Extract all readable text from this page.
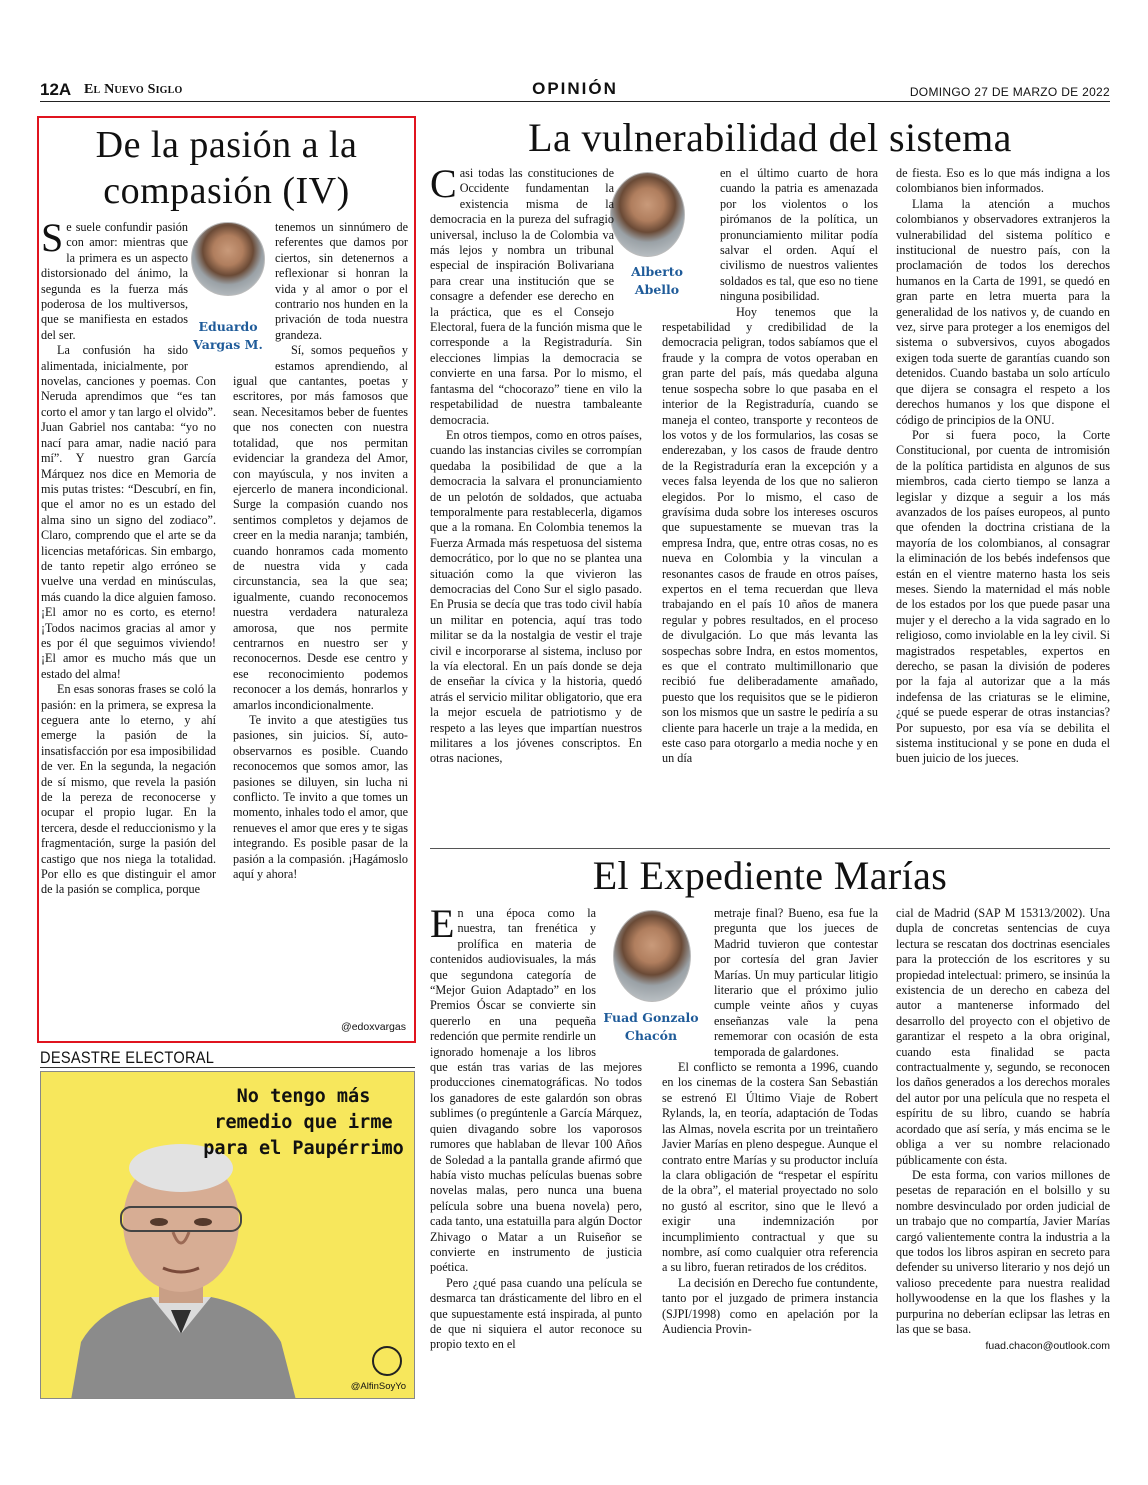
12A El Nuevo Siglo	OPINIÓN	DOMINGO 27 DE MARZO DE 2022
De la pasión a la compasión (IV)
Eduardo
Vargas M.

Se suele confundir pasión con amor: mientras que la primera es un aspecto distorsionado del ánimo, la segunda es la fuerza más poderosa de los multiversos, que se manifiesta en estados del ser.

La confusión ha sido alimentada, inicialmente, por novelas, canciones y poemas. Con Neruda aprendimos que “es tan corto el amor y tan largo el olvido”. Juan Gabriel nos cantaba: “yo no nací para amar, nadie nació para mí”. Y nuestro gran García Márquez nos dice en Memoria de mis putas tristes: “Descubrí, en fin, que el amor no es un estado del alma sino un signo del zodiaco”. Claro, comprendo que el arte se da licencias metafóricas. Sin embargo, de tanto repetir algo erróneo se vuelve una verdad en minúsculas, más cuando la dice alguien famoso. ¡El amor no es corto, es eterno! ¡Todos nacimos gracias al amor y es por él que seguimos viviendo! ¡El amor es mucho más que un estado del alma!

En esas sonoras frases se coló la pasión: en la primera, se expresa la ceguera ante lo eterno, y ahí emerge la pasión de la insatisfacción por esa imposibilidad de ver. En la segunda, la negación de sí mismo, que revela la pasión de la pereza de reconocerse y ocupar el propio lugar. En la tercera, desde el reduccionismo y la fragmentación, surge la pasión del castigo que nos niega la totalidad. Por ello es que distinguir el amor de la pasión se complica, porque

tenemos un sinnúmero de referentes que damos por ciertos, sin detenernos a reflexionar si honran la vida y al amor o por el contrario nos hunden en la privación de toda nuestra grandeza.

Sí, somos pequeños y estamos aprendiendo, al igual que cantantes, poetas y escritores, por más famosos que sean. Necesitamos beber de fuentes que nos conecten con nuestra totalidad, que nos permitan evidenciar la grandeza del Amor, con mayúscula, y nos inviten a ejercerlo de manera incondicional. Surge la compasión cuando nos sentimos completos y dejamos de creer en la media naranja; también, cuando honramos cada momento de nuestra vida y cada circunstancia, sea la que sea; igualmente, cuando reconocemos nuestra verdadera naturaleza amorosa, que nos permite centrarnos en nuestro ser y reconocernos. Desde ese centro y ese reconocimiento podemos reconocer a los demás, honrarlos y amarlos incondicionalmente.

Te invito a que atestigües tus pasiones, sin juicios. Sí, auto-observarnos es posible. Cuando reconocemos que somos amor, las pasiones se diluyen, sin lucha ni conflicto. Te invito a que tomes un momento, inhales todo el amor, que renueves el amor que eres y te sigas integrando. Es posible pasar de la pasión a la compasión. ¡Hagámoslo aquí y ahora!

@edoxvargas
DESASTRE ELECTORAL
No tengo más remedio que irme para el Paupérrimo
@AlfinSoyYo
La vulnerabilidad del sistema
Alberto
Abello

Casi todas las constituciones de Occidente fundamentan la existencia misma de la democracia en la pureza del sufragio universal, incluso la de Colombia va más lejos y nombra un tribunal especial de inspiración Bolivariana para crear una institución que se consagre a defender ese derecho en la práctica, que es el Consejo Electoral, fuera de la función misma que le corresponde a la Registraduría. Sin elecciones limpias la democracia se convierte en una farsa. Por lo mismo, el fantasma del “chocorazo” tiene en vilo la respetabilidad de nuestra tambaleante democracia.

En otros tiempos, como en otros países, cuando las instancias civiles se corrompían quedaba la posibilidad de que a la democracia la salvara el pronunciamiento de un pelotón de soldados, que actuaba temporalmente para restablecerla, digamos que a la romana. En Colombia tenemos la Fuerza Armada más respetuosa del sistema democrático, por lo que no se plantea una situación como la que vivieron las democracias del Cono Sur el siglo pasado. En Prusia se decía que tras todo civil había un militar en potencia, aquí tras todo militar se da la nostalgia de vestir el traje civil e incorporarse al sistema, incluso por la vía electoral. En un país donde se deja de enseñar la cívica y la historia, quedó atrás el servicio militar obligatorio, que era la mejor escuela de patriotismo y de respeto a las leyes que impartían nuestros militares a los jóvenes conscriptos. En otras naciones,

en el último cuarto de hora cuando la patria es amenazada por los violentos o los pirómanos de la política, un pronunciamiento militar podía salvar el orden. Aquí el civilismo de nuestros valientes soldados es tal, que eso no tiene ninguna posibilidad.

Hoy tenemos que la respetabilidad y credibilidad de la democracia peligran, todos sabíamos que el fraude y la compra de votos operaban en gran parte del país, más quedaba alguna tenue sospecha sobre lo que pasaba en el interior de la Registraduría, cuando se maneja el conteo, transporte y reconteos de los votos y de los formularios, las cosas se enderezaban, y los casos de fraude dentro de la Registraduría eran la excepción y a veces falsa leyenda de los que no salieron elegidos. Por lo mismo, el caso de gravísima duda sobre los intereses oscuros que supuestamente se muevan tras la empresa Indra, que, entre otras cosas, no es nueva en Colombia y la vinculan a resonantes casos de fraude en otros países, expertos en el tema recuerdan que lleva trabajando en el país 10 años de manera regular y pobres resultados, en el proceso de divulgación. Lo que más levanta las sospechas sobre Indra, en estos momentos, es que el contrato multimillonario que recibió fue deliberadamente amañado, puesto que los requisitos que se le pidieron son los mismos que un sastre le pediría a su cliente para hacerle un traje a la medida, en este caso para otorgarlo a media noche y en un día

de fiesta. Eso es lo que más indigna a los colombianos bien informados.

Llama la atención a muchos colombianos y observadores extranjeros la vulnerabilidad del sistema político e institucional de nuestro país, con la proclamación de todos los derechos humanos en la Carta de 1991, se quedó en gran parte en letra muerta para la generalidad de los nativos y, de cuando en vez, sirve para proteger a los enemigos del sistema o subversivos, cuyos abogados exigen toda suerte de garantías cuando son detenidos. Cuando bastaba un solo artículo que dijera se consagra el respeto a los derechos humanos y los que dispone el código de principios de la ONU.

Por si fuera poco, la Corte Constitucional, por cuenta de intromisión de la política partidista en algunos de sus miembros, cada cierto tiempo se lanza a legislar y dizque a seguir a los más avanzados de los países europeos, al punto que ofenden la doctrina cristiana de la mayoría de los colombianos, al consagrar la eliminación de los bebés indefensos que están en el vientre materno hasta los seis meses. Siendo la maternidad el más noble de los estados por los que puede pasar una mujer y el derecho a la vida sagrado en lo religioso, como inviolable en la ley civil. Si magistrados respetables, expertos en derecho, se pasan la división de poderes por la faja al autorizar que a la más indefensa de las criaturas se le elimine, ¿qué se puede esperar de otras instancias? Por supuesto, por esa vía se debilita el sistema institucional y se pone en duda el buen juicio de los jueces.

El Expediente Marías
Fuad Gonzalo
Chacón

En una época como la nuestra, tan frenética y prolífica en materia de contenidos audiovisuales, la más que segundona categoría de “Mejor Guion Adaptado” en los Premios Óscar se convierte sin quererlo en una pequeña redención que permite rendirle un ignorado homenaje a los libros que están tras varias de las mejores producciones cinematográficas. No todos los ganadores de este galardón son obras sublimes (o pregúntenle a García Márquez, quien divagando sobre los vaporosos rumores que hablaban de llevar 100 Años de Soledad a la pantalla grande afirmó que había visto muchas películas buenas sobre novelas malas, pero nunca una buena película sobre una buena novela) pero, cada tanto, una estatuilla para algún Doctor Zhivago o Matar a un Ruiseñor se convierte en instrumento de justicia poética.

Pero ¿qué pasa cuando una película se desmarca tan drásticamente del libro en el que supuestamente está inspirada, al punto de que ni siquiera el autor reconoce su propio texto en el

metraje final? Bueno, esa fue la pregunta que los jueces de Madrid tuvieron que contestar por cortesía del gran Javier Marías. Un muy particular litigio literario que el próximo julio cumple veinte años y cuyas enseñanzas vale la pena rememorar con ocasión de esta temporada de galardones.

El conflicto se remonta a 1996, cuando en los cinemas de la costera San Sebastián se estrenó El Último Viaje de Robert Rylands, la, en teoría, adaptación de Todas las Almas, novela escrita por un treintañero Javier Marías en pleno despegue. Aunque el contrato entre Marías y su productor incluía la clara obligación de “respetar el espíritu de la obra”, el material proyectado no solo no gustó al escritor, sino que le llevó a exigir una indemnización por incumplimiento contractual y que su nombre, así como cualquier otra referencia a su libro, fueran retirados de los créditos.

La decisión en Derecho fue contundente, tanto por el juzgado de primera instancia (SJPI/1998) como en apelación por la Audiencia Provin-

cial de Madrid (SAP M 15313/2002). Una dupla de concretas sentencias de cuya lectura se rescatan dos doctrinas esenciales para la protección de los escritores y su propiedad intelectual: primero, se insinúa la existencia de un derecho en cabeza del autor a mantenerse informado del desarrollo del proyecto con el objetivo de garantizar el respeto a la obra original, cuando esta finalidad se pacta contractualmente y, segundo, se reconocen los daños generados a los derechos morales del autor por una película que no respeta el espíritu de su libro, cuando se habría acordado que así sería, y más encima se le obliga a ver su nombre relacionado públicamente con ésta.

De esta forma, con varios millones de pesetas de reparación en el bolsillo y su nombre desvinculado por orden judicial de un trabajo que no compartía, Javier Marías cargó valientemente contra la industria a la que todos los libros aspiran en secreto para defender su universo literario y nos dejó un valioso precedente para nuestra realidad hollywoodense en la que los flashes y la purpurina no deberían eclipsar las letras en las que se basa.

fuad.chacon@outlook.com
